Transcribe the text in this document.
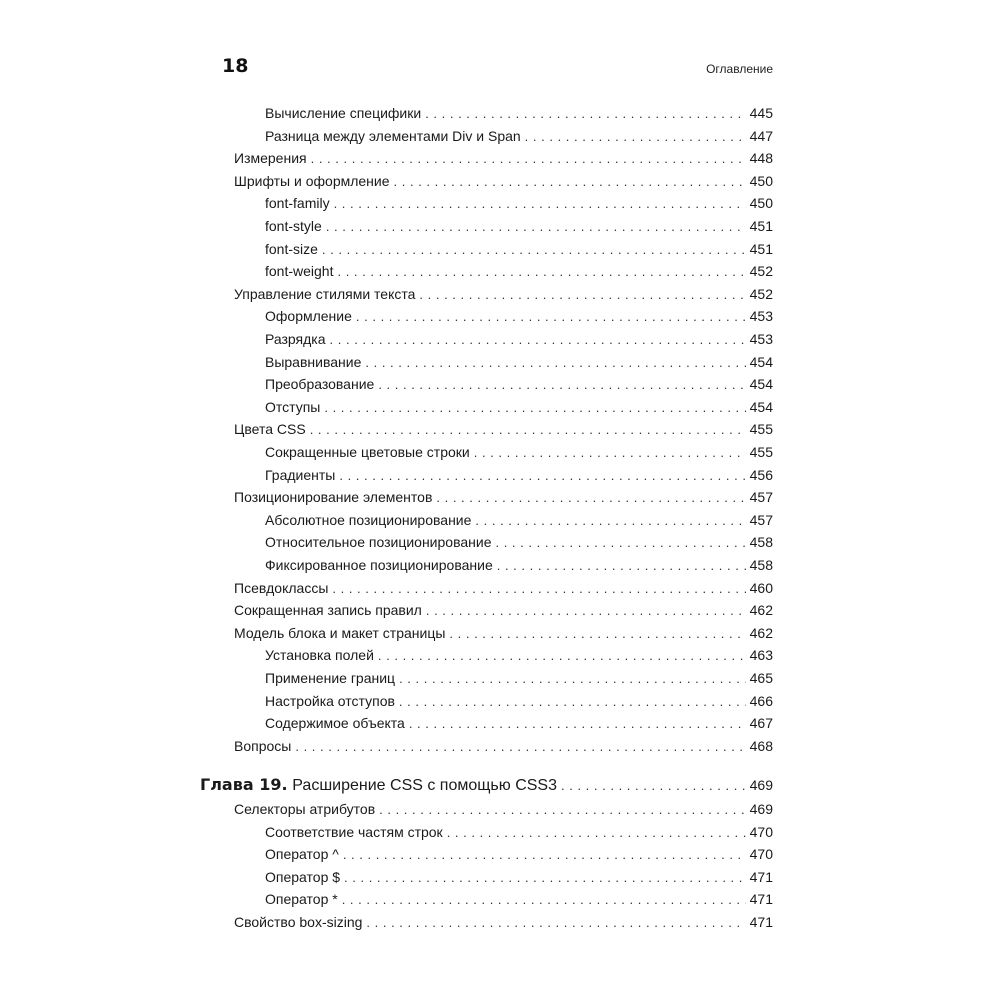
18	Оглавление
Вычисление специфики . . .	445
Разница между элементами Div и Span . . .	447
Измерения . . .	448
Шрифты и оформление . . .	450
font-family . . .	450
font-style . . .	451
font-size . . .	451
font-weight . . .	452
Управление стилями текста . . .	452
Оформление . . .	453
Разрядка . . .	453
Выравнивание . . .	454
Преобразование . . .	454
Отступы . . .	454
Цвета CSS . . .	455
Сокращенные цветовые строки . . .	455
Градиенты . . .	456
Позиционирование элементов . . .	457
Абсолютное позиционирование . . .	457
Относительное позиционирование . . .	458
Фиксированное позиционирование . . .	458
Псевдоклассы . . .	460
Сокращенная запись правил . . .	462
Модель блока и макет страницы . . .	462
Установка полей . . .	463
Применение границ . . .	465
Настройка отступов . . .	466
Содержимое объекта . . .	467
Вопросы . . .	468
Глава 19. Расширение CSS с помощью CSS3 . . .	469
Селекторы атрибутов . . .	469
Соответствие частям строк . . .	470
Оператор ^ . . .	470
Оператор $ . . .	471
Оператор * . . .	471
Свойство box-sizing . . .	471
